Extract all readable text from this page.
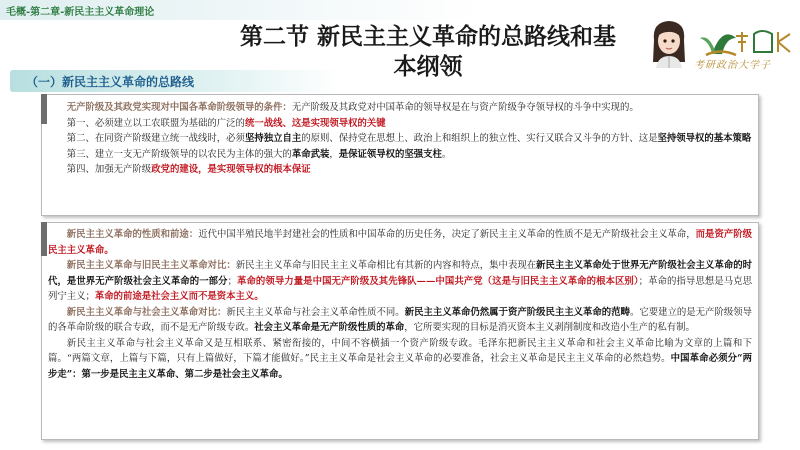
毛概-第二章-新民主主义革命理论
第二节 新民主主义革命的总路线和基
本纲领	考研政治大学子
（一）新民主主义革命的总路线

无产阶级及其政党实现对中国各革命阶级领导的条件：无产阶级及其政党对中国革命的领导权是在与资产阶级争夺领导权的斗争中实现的。

第一、必须建立以工农联盟为基础的广泛的统一战线、这是实现领导权的关键

第二、在同资产阶级建立统一战线时，必须坚持独立自主的原则、保持党在思想上、政治上和组织上的独立性、实行又联合又斗争的方针、这是坚持领导权的基本策略

第三、建立一支无产阶级领导的以农民为主体的强大的革命武装，是保证领导权的坚强支柱。

第四、加强无产阶级政党的建设，是实现领导权的根本保证

新民主主义革命的性质和前途：近代中国半殖民地半封建社会的性质和中国革命的历史任务，决定了新民主主义革命的性质不是无产阶级社会主义革命，而是资产阶级民主主义革命。

新民主主义革命与旧民主主义革命对比：新民主主义革命与旧民主主义革命相比有其新的内容和特点，集中表现在新民主主义革命处于世界无产阶级社会主义革命的时代，是世界无产阶级社会主义革命的一部分；革命的领导力量是中国无产阶级及其先锋队——中国共产党（这是与旧民主主义革命的根本区别）；革命的指导思想是马克思列宁主义；革命的前途是社会主义而不是资本主义。

新民主主义革命与社会主义革命对比：新民主主义革命与社会主义革命性质不同。新民主主义革命仍然属于资产阶级民主主义革命的范畴。它要建立的是无产阶级领导的各革命阶级的联合专政，而不是无产阶级专政。社会主义革命是无产阶级性质的革命，它所要实现的目标是消灭资本主义剥削制度和改造小生产的私有制。

新民主主义革命与社会主义革命又是互相联系、紧密衔接的，中间不容横插一个资产阶级专政。毛泽东把新民主主义革命和社会主义革命比喻为文章的上篇和下篇。“两篇文章，上篇与下篇，只有上篇做好，下篇才能做好。”民主主义革命是社会主义革命的必要准备，社会主义革命是民主主义革命的必然趋势。中国革命必须分“两步走”：第一步是民主主义革命、第二步是社会主义革命。
